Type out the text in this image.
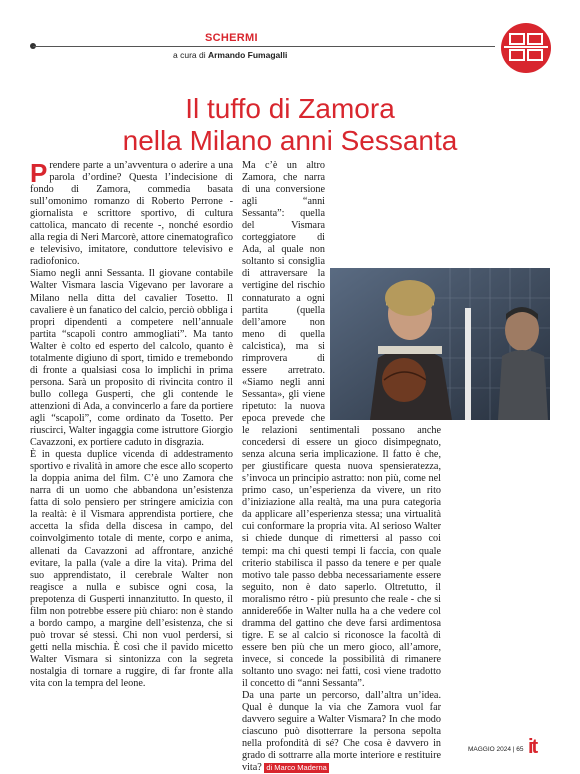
SCHERMI
a cura di Armando Fumagalli
Il tuffo di Zamora
nella Milano anni Sessanta

Prendere parte a un’avventura o aderire a una parola d’ordine? Questa l’indecisione di fondo di Zamora, commedia basata sull’omonimo romanzo di Roberto Perrone - giornalista e scrittore sportivo, di cultura cattolica, mancato di recente -, nonché esordio alla regia di Neri Marcorè, attore cinematografico e televisivo, imitatore, conduttore televisivo e radiofonico.

Siamo negli anni Sessanta. Il giovane contabile Walter Vismara lascia Vigevano per lavorare a Milano nella ditta del cavalier Tosetto. Il cavaliere è un fanatico del calcio, perciò obbliga i propri dipendenti a competere nell’annuale partita “scapoli contro ammogliati”. Ma tanto Walter è colto ed esperto del calcolo, quanto è totalmente digiuno di sport, timido e tremebondo di fronte a qualsiasi cosa lo implichi in prima persona. Sarà un proposito di rivincita contro il bullo collega Gusperti, che gli contende le attenzioni di Ada, a convincerlo a fare da portiere agli “scapoli”, come ordinato da Tosetto. Per riuscirci, Walter ingaggia come istruttore Giorgio Cavazzoni, ex portiere caduto in disgrazia.

È in questa duplice vicenda di addestramento sportivo e rivalità in amore che esce allo scoperto la doppia anima del film. C’è uno Zamora che narra di un uomo che abbandona un’esistenza fatta di solo pensiero per stringere amicizia con la realtà: è il Vismara apprendista portiere, che accetta la sfida della discesa in campo, del coinvolgimento totale di mente, corpo e anima, allenati da Cavazzoni ad affrontare, anziché evitare, la palla (vale a dire la vita). Prima del suo apprendistato, il cerebrale Walter non reagisce a nulla e subisce ogni cosa, la prepotenza di Gusperti innanzitutto. In questo, il film non potrebbe essere più chiaro: non è stando a bordo campo, a margine dell’esistenza, che si può trovar sé stessi. Chi non vuol perdersi, si getti nella mischia. È così che il pavido micetto Walter Vismara si sintonizza con la segreta nostalgia di tornare a ruggire, di far fronte alla vita con la tempra del leone.

Ma c’è un altro Zamora, che narra di una conversione agli “anni Sessanta”: quella del Vismara corteggiatore di Ada, al quale non soltanto si consiglia di attraversare la vertigine del rischio connaturato a ogni partita (quella dell’amore non meno di quella calcistica), ma si rimprovera di essere arretrato. «Siamo negli anni Sessanta», gli viene ripetuto: la nuova epoca prevede che le relazioni sentimentali possano anche concedersi di essere un gioco disimpegnato, senza alcuna seria implicazione. Il fatto è che, per giustificare questa nuova spensieratezza, s’invoca un principio astratto: non più, come nel primo caso, un’esperienza da vivere, un rito d’iniziazione alla realtà, ma una pura categoria da applicare all’esperienza stessa; una virtualità cui conformare la propria vita. Al serioso Walter si chiede dunque di rimettersi al passo coi tempi: ma chi questi tempi li faccia, con quale criterio stabilisca il passo da tenere e per quale motivo tale passo debba necessariamente essere seguito, non è dato saperlo. Oltretutto, il moralismo rétro - più presunto che reale - che si annidereббе in Walter nulla ha a che vedere col dramma del gattino che deve farsi ardimentosa tigre. E se al calcio si riconosce la facoltà di essere ben più che un mero gioco, all’amore, invece, si concede la possibilità di rimanere soltanto uno svago: nei fatti, così viene tradotto il concetto di “anni Sessanta”.

Da una parte un percorso, dall’altra un’idea. Qual è dunque la via che Zamora vuol far davvero seguire a Walter Vismara? In che modo ciascuno può disotterrare la persona sepolta nella profondità di sé? Che cosa è davvero in grado di sottrarre alla morte interiore e restituire vita? di Marco Maderna

MAGGIO 2024 | 65 it
